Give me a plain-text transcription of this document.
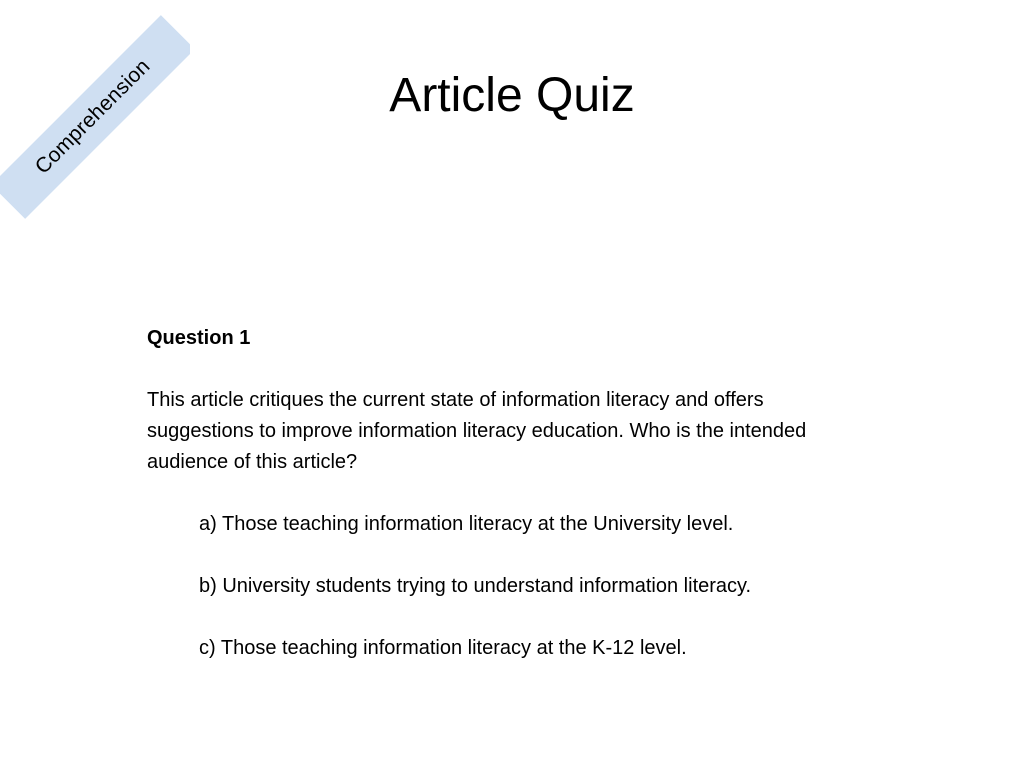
Comprehension	Article Quiz

Question 1

This article critiques the current state of information literacy and offers suggestions to improve information literacy education. Who is the intended audience of this article?

a) Those teaching information literacy at the University level.
b) University students trying to understand information literacy.
c) Those teaching information literacy at the K-12 level.
